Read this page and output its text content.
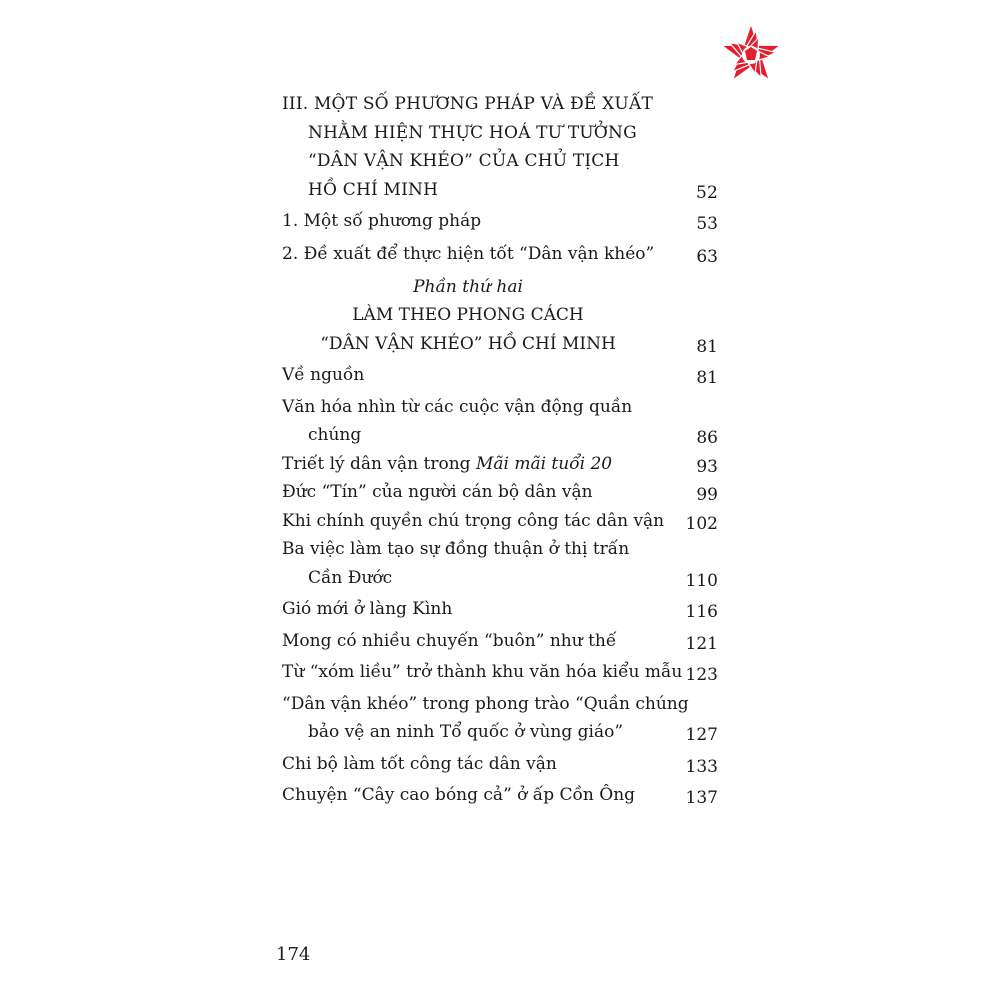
III. MỘT SỐ PHƯƠNG PHÁP VÀ ĐỀ XUẤT
NHẰM HIỆN THỰC HOÁ TƯ TƯỞNG
“DÂN VẬN KHÉO” CỦA CHỦ TỊCH
HỒ CHÍ MINH	52
1. Một số phương pháp	53
2. Đề xuất để thực hiện tốt “Dân vận khéo”	63
Phần thứ hai
LÀM THEO PHONG CÁCH
“DÂN VẬN KHÉO” HỒ CHÍ MINH	81
Về nguồn	81
Văn hóa nhìn từ các cuộc vận động quần
chúng	86
Triết lý dân vận trong Mãi mãi tuổi 20	93
Đức “Tín” của người cán bộ dân vận	99
Khi chính quyền chú trọng công tác dân vận	102
Ba việc làm tạo sự đồng thuận ở thị trấn
Cần Đước	110
Gió mới ở làng Kình	116
Mong có nhiều chuyến “buôn” như thế	121
Từ “xóm liều” trở thành khu văn hóa kiểu mẫu 123
“Dân vận khéo” trong phong trào “Quần chúng
bảo vệ an ninh Tổ quốc ở vùng giáo”	127
Chi bộ làm tốt công tác dân vận	133
Chuyện “Cây cao bóng cả” ở ấp Cồn Ông	137
174
